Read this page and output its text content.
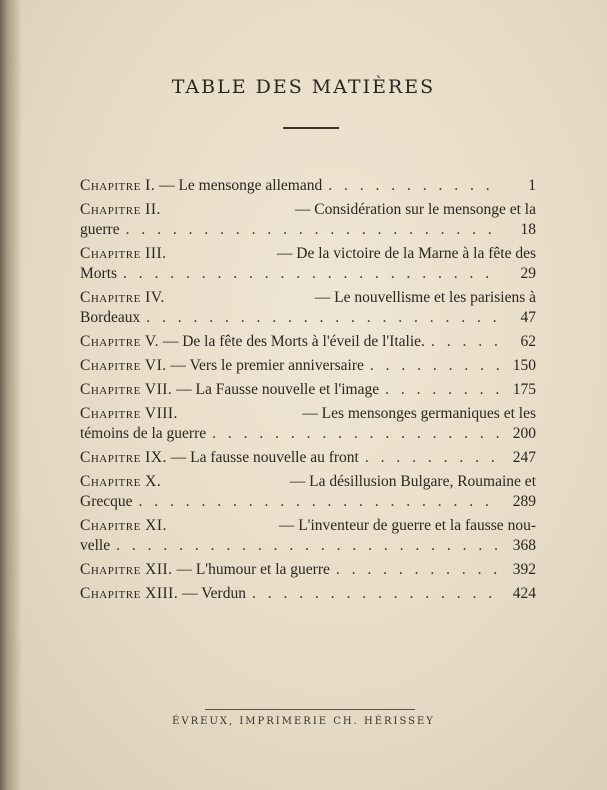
TABLE DES MATIÈRES
Chapitre I.
— Le mensonge allemand . . .	1
Chapitre II.
	— Considération sur le mensonge et la
guerre . . .	18
Chapitre III.
	— De la victoire de la Marne à la fête des
Morts . . .	29
Chapitre IV.
	— Le nouvellisme et les parisiens à
Bordeaux . . .	47
Chapitre V.
— De la fête des Morts à l'éveil de l'Italie. . . .	62
Chapitre VI.
— Vers le premier anniversaire . . .	150
Chapitre VII.
— La Fausse nouvelle et l'image . . .	175
Chapitre VIII.
	— Les mensonges germaniques et les
témoins de la guerre . . .	200
Chapitre IX.
— La fausse nouvelle au front . . .	247
Chapitre X.
	— La désillusion Bulgare, Roumaine et
Grecque . . .	289
Chapitre XI.
	— L'inventeur de guerre et la fausse nou-
velle . . .	368
Chapitre XII.
— L'humour et la guerre . . .	392
Chapitre XIII.
— Verdun . . .	424
ÉVREUX, IMPRIMERIE CH. HÉRISSEY
